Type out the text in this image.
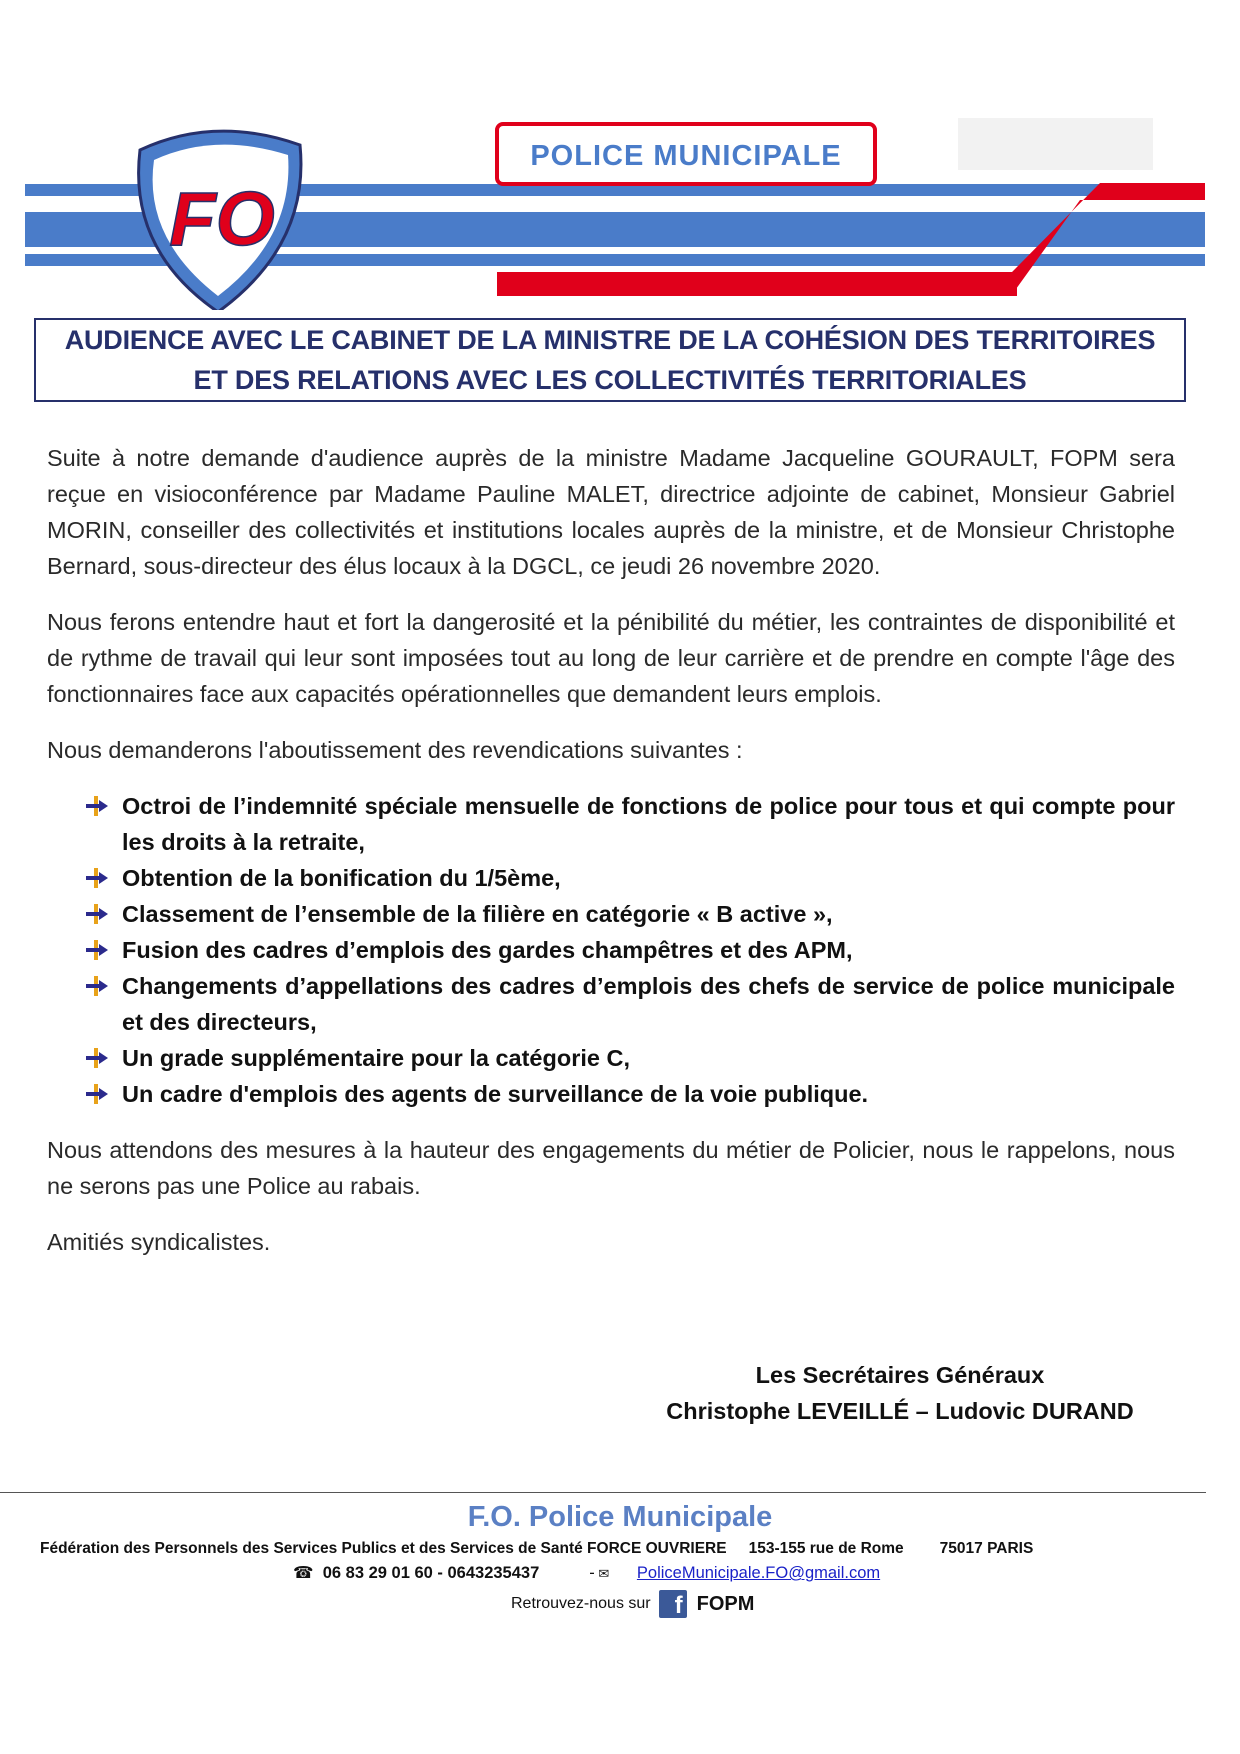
POLICE MUNICIPALE
FO
AUDIENCE AVEC LE CABINET DE LA MINISTRE DE LA COHÉSION DES TERRITOIRES
ET DES RELATIONS AVEC LES COLLECTIVITÉS TERRITORIALES

Suite à notre demande d'audience auprès de la ministre Madame Jacqueline GOURAULT, FOPM sera reçue en visioconférence par Madame Pauline MALET, directrice adjointe de cabinet, Monsieur Gabriel MORIN, conseiller des collectivités et institutions locales auprès de la ministre, et de Monsieur Christophe Bernard, sous-directeur des élus locaux à la DGCL, ce jeudi 26 novembre 2020.

Nous ferons entendre haut et fort la dangerosité et la pénibilité du métier, les contraintes de disponibilité et de rythme de travail qui leur sont imposées tout au long de leur carrière et de prendre en compte l'âge des fonctionnaires face aux capacités opérationnelles que demandent leurs emplois.

Nous demanderons l'aboutissement des revendications suivantes :

Octroi de l’indemnité spéciale mensuelle de fonctions de police pour tous et qui compte pour les droits à la retraite,
Obtention de la bonification du 1/5ème,
Classement de l’ensemble de la filière en catégorie « B active »,
Fusion des cadres d’emplois des gardes champêtres et des APM,
Changements d’appellations des cadres d’emplois des chefs de service de police municipale et des directeurs,
Un grade supplémentaire pour la catégorie C,
Un cadre d'emplois des agents de surveillance de la voie publique.

Nous attendons des mesures à la hauteur des engagements du métier de Policier, nous le rappelons, nous ne serons pas une Police au rabais.

Amitiés syndicalistes.

Les Secrétaires Généraux
Christophe LEVEILLÉ – Ludovic DURAND
F.O. Police Municipale
Fédération des Personnels des Services Publics et des Services de Santé FORCE OUVRIERE 153-155 rue de Rome 75017 PARIS
☎ 06 83 29 01 60 - 0643235437	- ✉ PoliceMunicipale.FO@gmail.com
Retrouvez-nous sur	f FOPM
